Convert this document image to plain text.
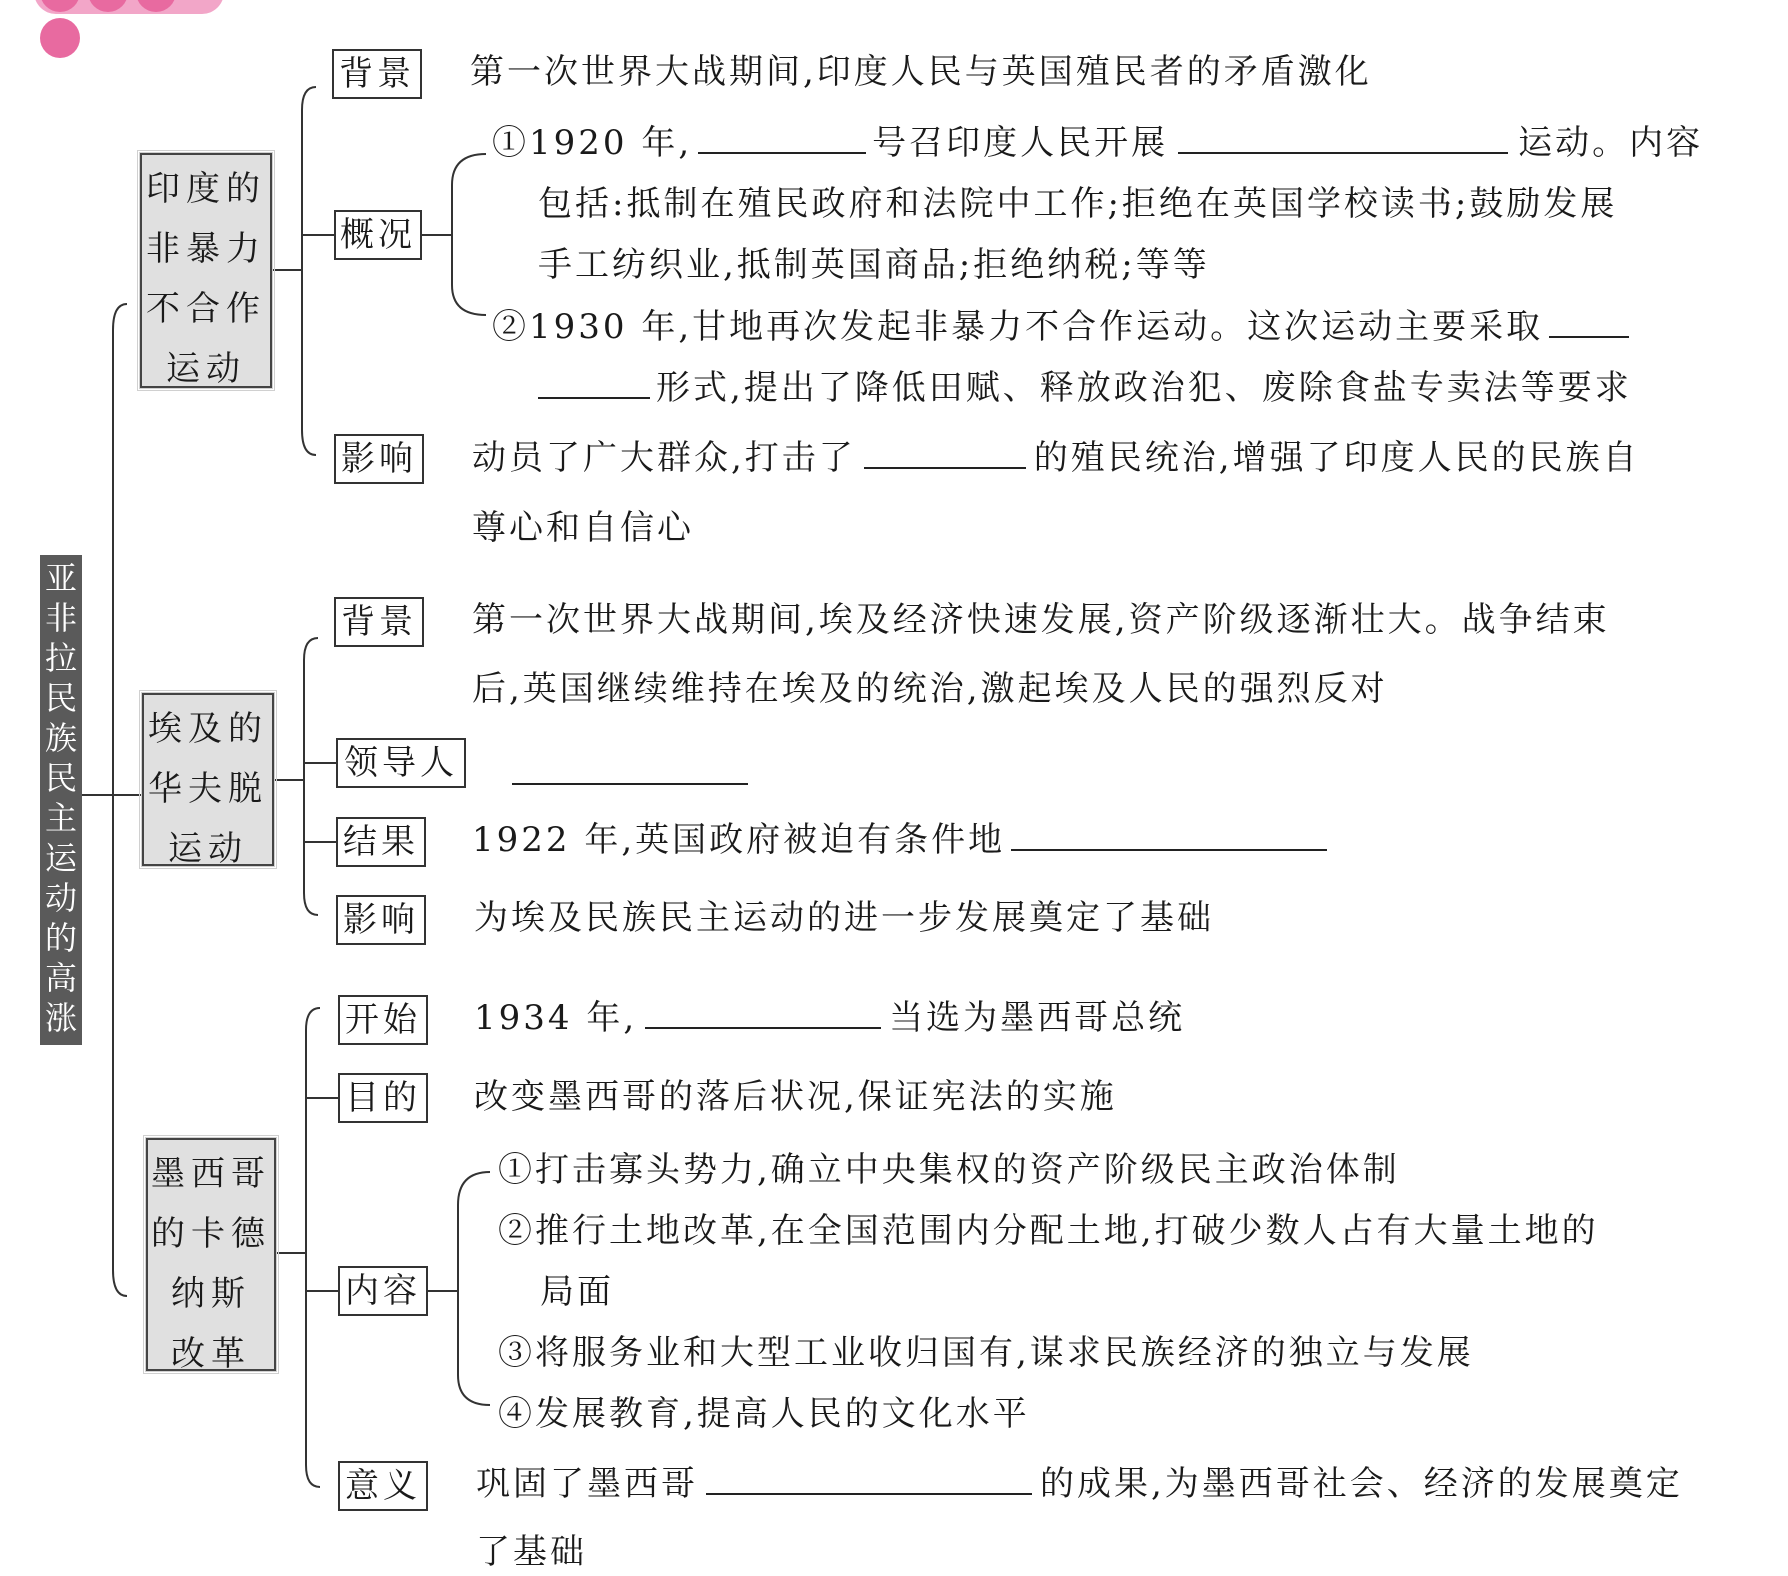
亚
非
拉
民
族
民
主
运
动
的
高
涨
印度的
非暴力
不合作
运动
背景 第一次世界大战期间,印度人民与英国殖民者的矛盾激化
概况
①1920 年,	号召印度人民开展	运动。内容
包括:抵制在殖民政府和法院中工作;拒绝在英国学校读书;鼓励发展
手工纺织业,抵制英国商品;拒绝纳税;等等
②1930 年,甘地再次发起非暴力不合作运动。这次运动主要采取
形式,提出了降低田赋、释放政治犯、废除食盐专卖法等要求
影响 动员了广大群众,打击了	的殖民统治,增强了印度人民的民族自
尊心和自信心
埃及的
华夫脱
运动
背景 第一次世界大战期间,埃及经济快速发展,资产阶级逐渐壮大。战争结束
后,英国继续维持在埃及的统治,激起埃及人民的强烈反对
领导人
结果 1922 年,英国政府被迫有条件地
影响 为埃及民族民主运动的进一步发展奠定了基础
墨西哥
的卡德
纳斯
改革
开始 1934 年,	当选为墨西哥总统
目的 改变墨西哥的落后状况,保证宪法的实施
内容
①打击寡头势力,确立中央集权的资产阶级民主政治体制
②推行土地改革,在全国范围内分配土地,打破少数人占有大量土地的
局面
③将服务业和大型工业收归国有,谋求民族经济的独立与发展
④发展教育,提高人民的文化水平
意义 巩固了墨西哥	的成果,为墨西哥社会、经济的发展奠定
了基础
